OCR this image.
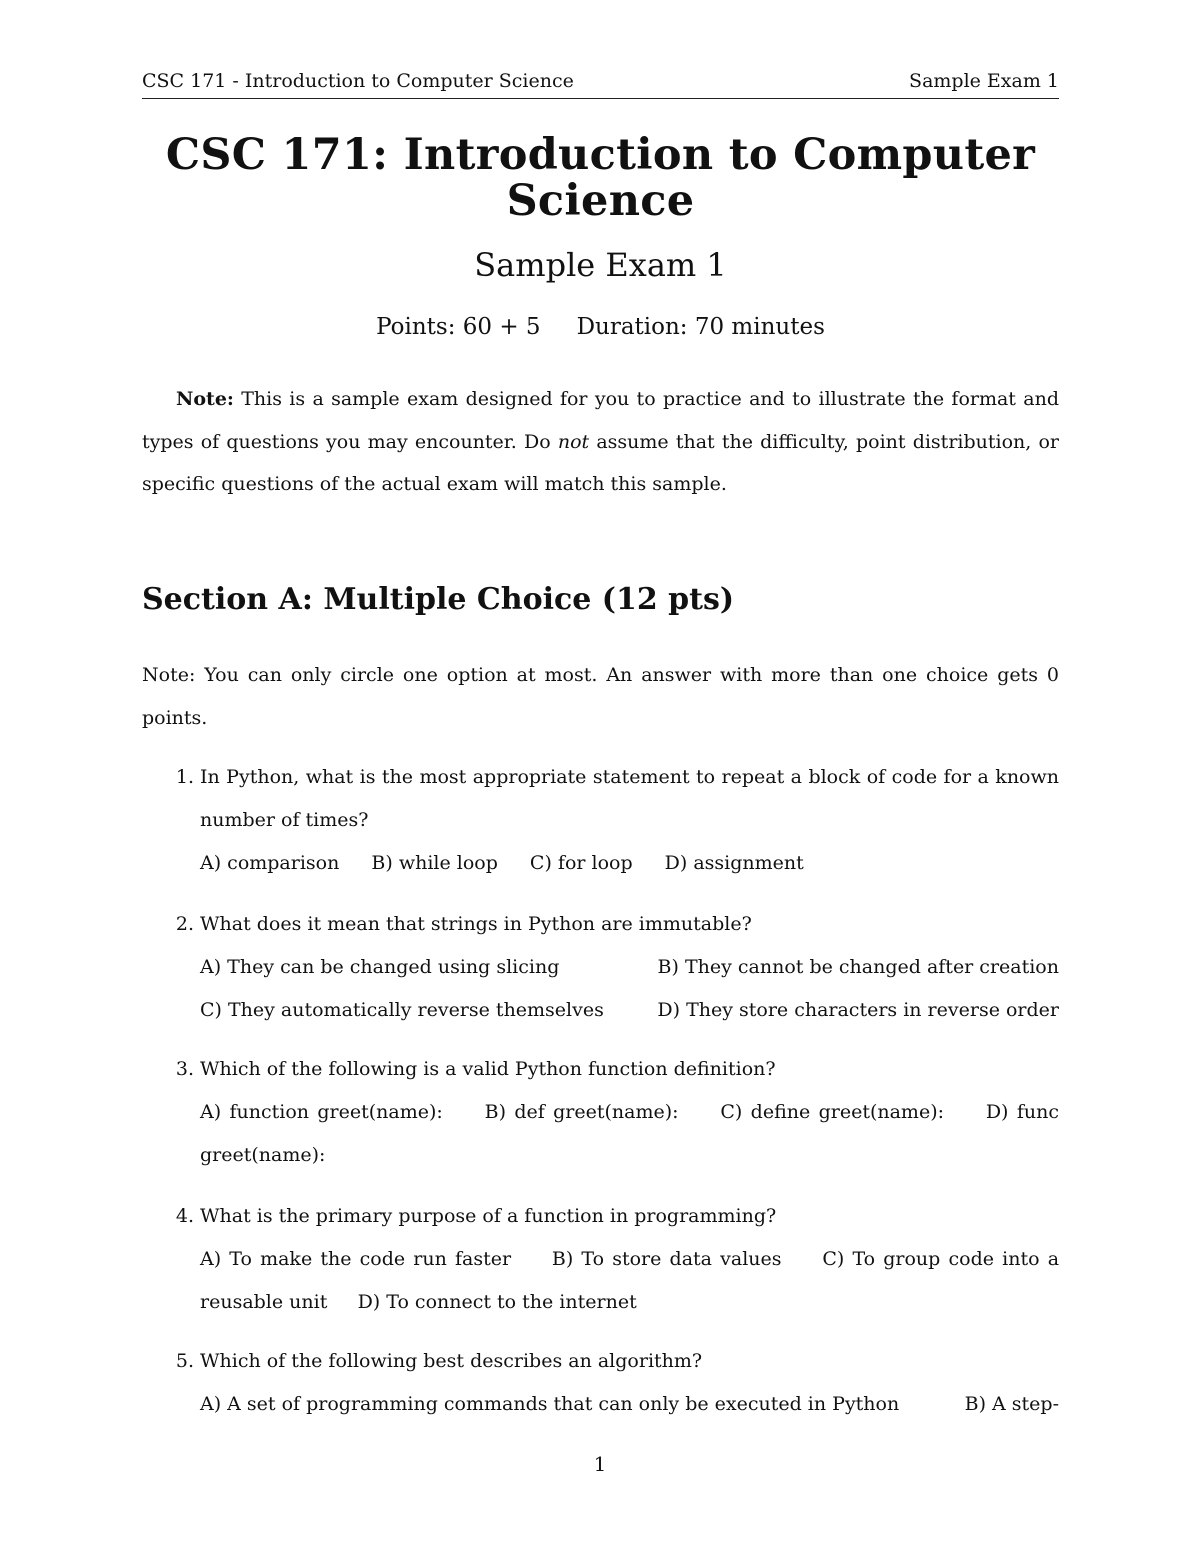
CSC 171 - Introduction to Computer Science	Sample Exam 1
CSC 171: Introduction to Computer
Science
Sample Exam 1
Points: 60 + 5 Duration: 70 minutes
Note: This is a sample exam designed for you to practice and to illustrate the format and types of questions you may encounter. Do not assume that the difficulty, point distribution, or specific questions of the actual exam will match this sample.
Section A: Multiple Choice (12 pts)
Note: You can only circle one option at most. An answer with more than one choice gets 0 points.
1. In Python, what is the most appropriate statement to repeat a block of code for a known number of times?
A) comparison B) while loop C) for loop D) assignment
2. What does it mean that strings in Python are immutable?
A) They can be changed using slicing	B) They cannot be changed after creation
C) They automatically reverse themselves	D) They store characters in reverse order
3. Which of the following is a valid Python function definition?
A) function greet(name): B) def greet(name): C) define greet(name): D) func greet(name):
4. What is the primary purpose of a function in programming?
A) To make the code run faster B) To store data values C) To group code into a reusable unit D) To connect to the internet
5. Which of the following best describes an algorithm?
A) A set of programming commands that can only be executed in Python	B) A step-
1
